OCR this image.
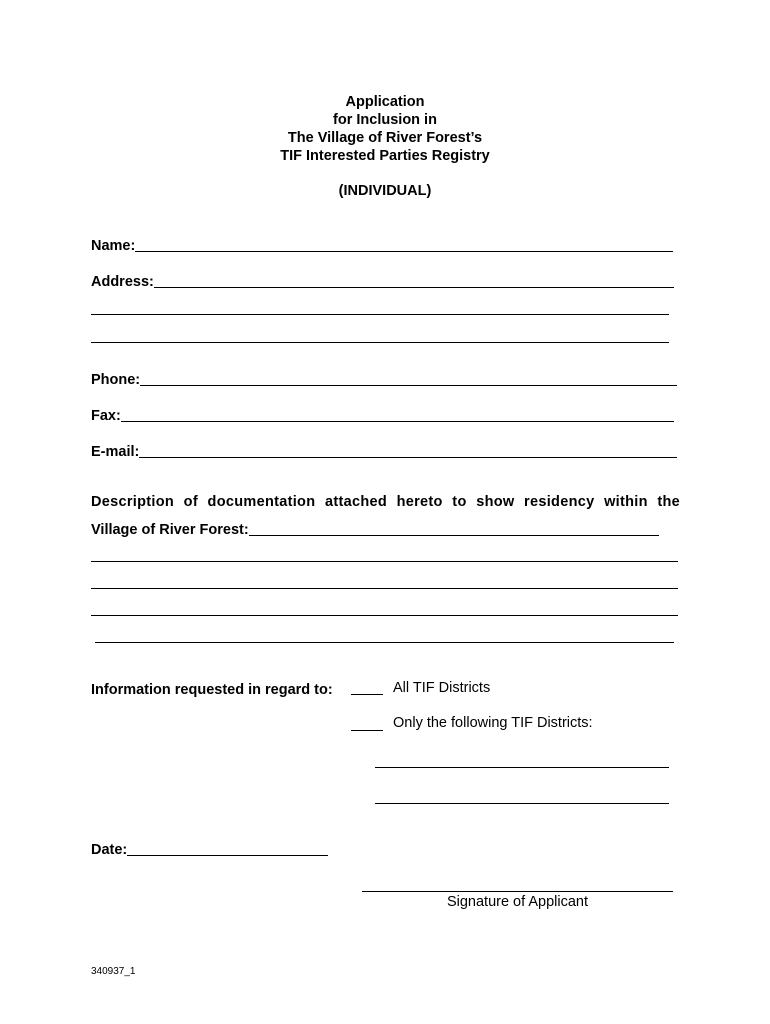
Application
for Inclusion in
The Village of River Forest’s
TIF Interested Parties Registry
(INDIVIDUAL)
Name:
Address:
Phone:
Fax:
E-mail:
Description of documentation attached hereto to show residency within the
Village of River Forest:
Information requested in regard to:	All TIF Districts
Only the following TIF Districts:
Date:
Signature of Applicant
340937_1
